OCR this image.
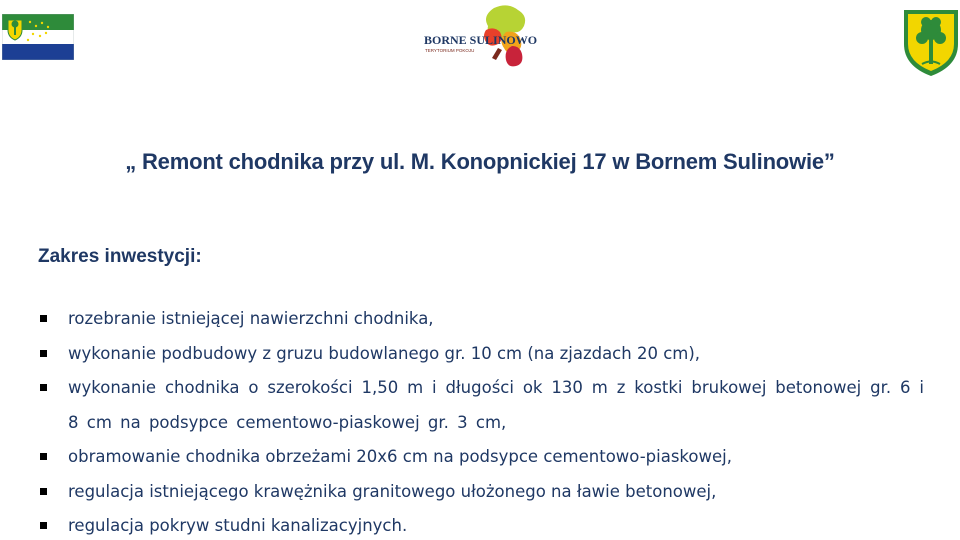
BORNE SULINOWO
TERYTORIUM POKOJU
„ Remont chodnika przy ul. M. Konopnickiej 17 w Bornem Sulinowie”
Zakres inwestycji:
rozebranie istniejącej nawierzchni chodnika,
wykonanie podbudowy z gruzu budowlanego gr. 10 cm (na zjazdach 20 cm),
wykonanie chodnika o szerokości 1,50 m i długości ok 130 m z kostki brukowej betonowej gr. 6 i 8 cm na podsypce cementowo-piaskowej gr. 3 cm,
obramowanie chodnika obrzeżami 20x6 cm na podsypce cementowo-piaskowej,
regulacja istniejącego krawężnika granitowego ułożonego na ławie betonowej,
regulacja pokryw studni kanalizacyjnych.
